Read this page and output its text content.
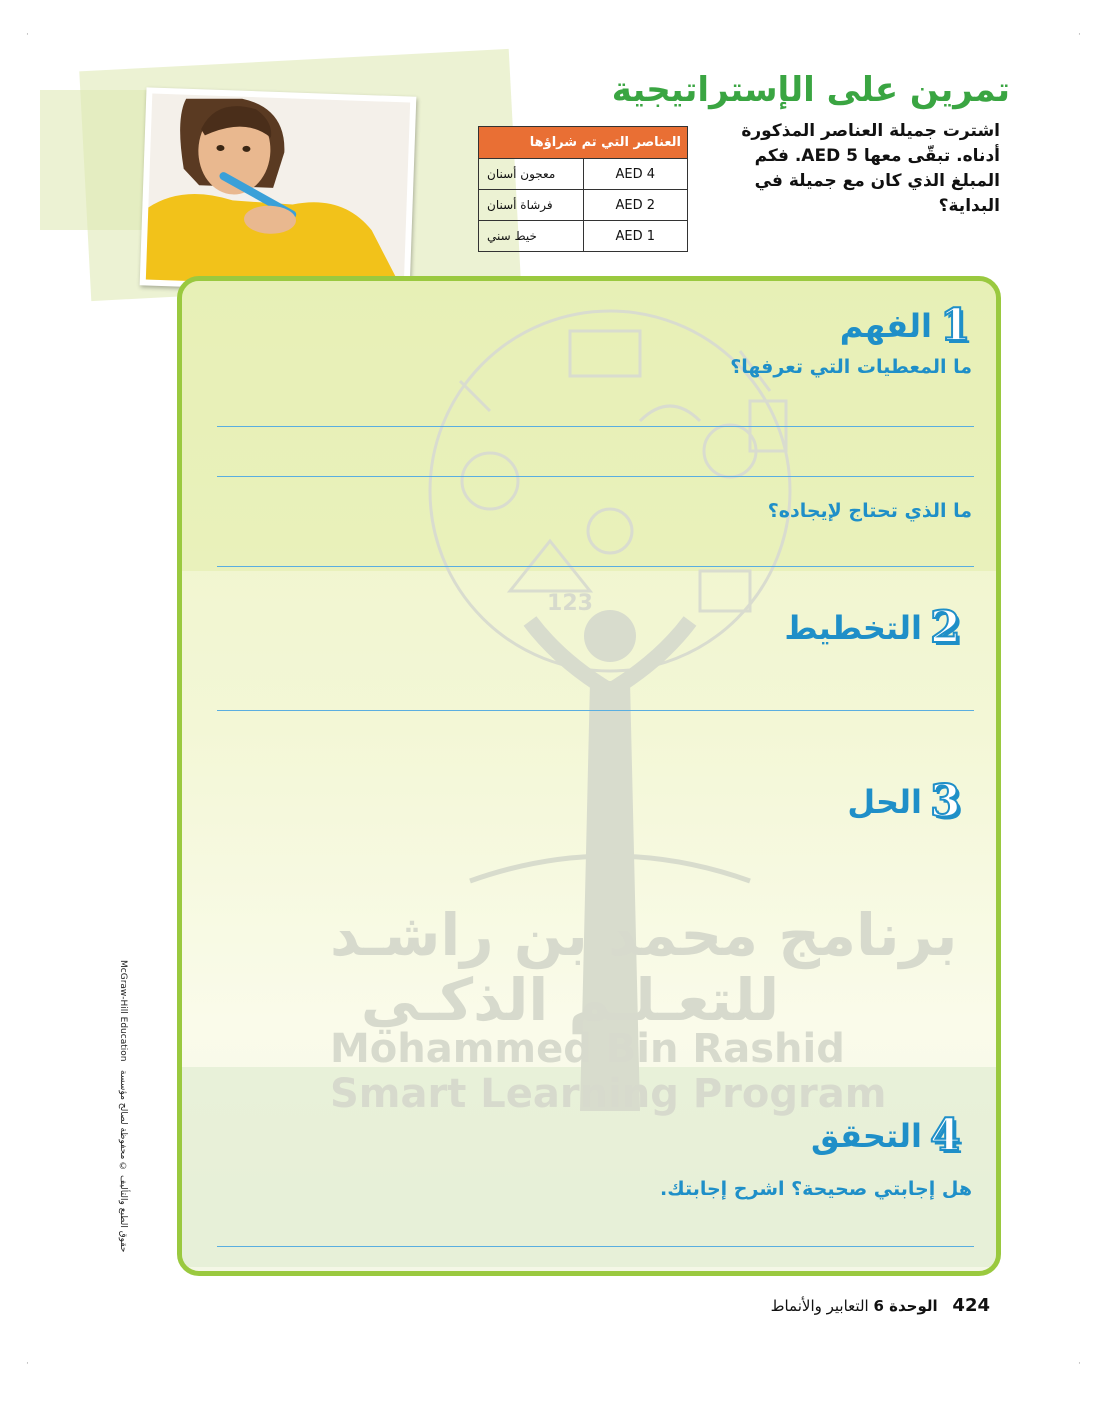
·	·
·	·
تمرين على الإستراتيجية

اشترت جميلة العناصر المذكورة أدناه. تبقّى معها AED 5. فكم المبلغ الذي كان مع جميلة في البداية؟

العناصر التي تم شراؤها	
AED 4	معجون أسنان
AED 2	فرشاة أسنان
AED 1	خيط سني
123
برنامج محمد بن راشـد
للتعـلـم الذكـي
Mohammed Bin Rashid
Smart Learning Program
1
الفهم
ما المعطيات التي تعرفها؟
ما الذي تحتاج لإيجاده؟
2
التخطيط
3
الحل
4
التحقق
هل إجابتي صحيحة؟ اشرح إجابتك.
McGraw-Hill Education   حقوق الطبع والتأليف © محفوظة لصالح مؤسسة
424 الوحدة 6 التعابير والأنماط
